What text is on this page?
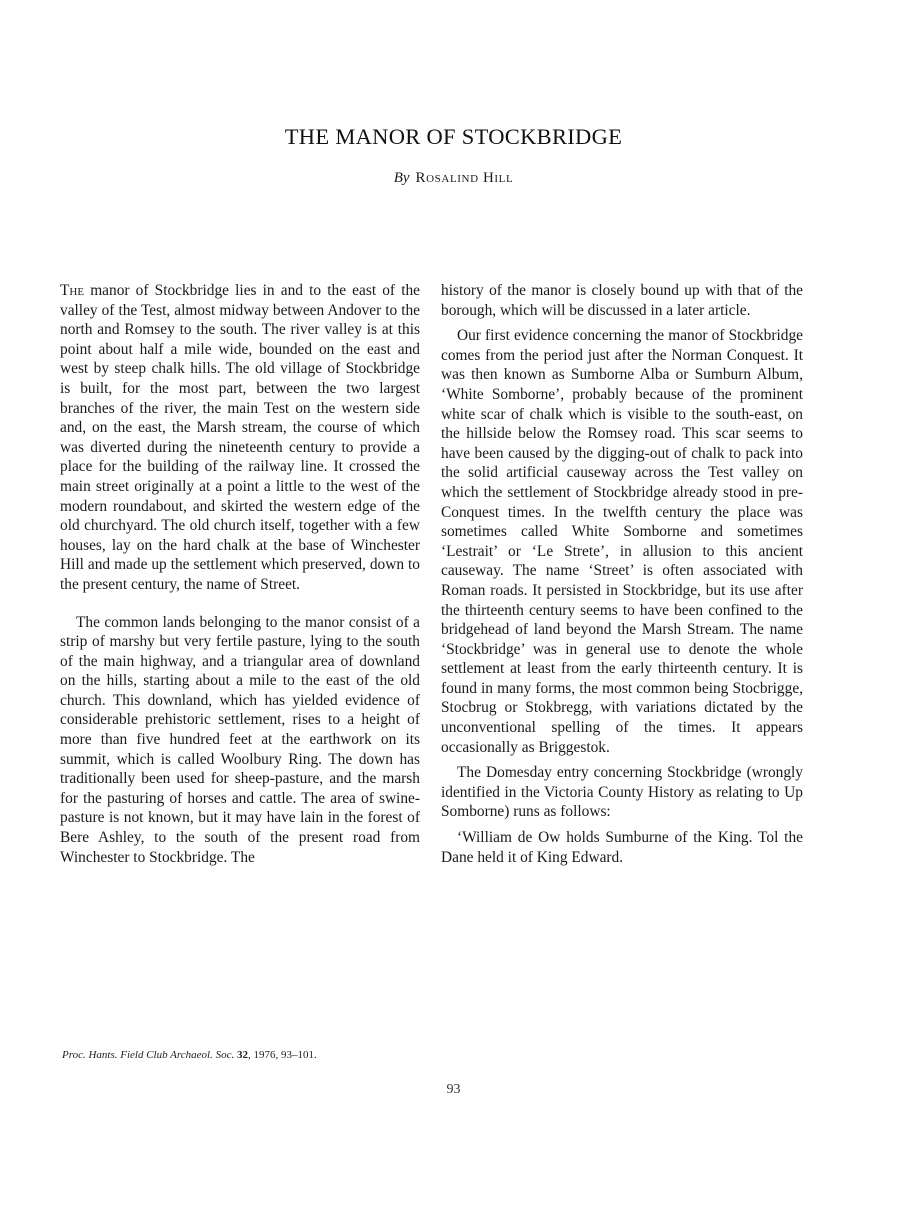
THE MANOR OF STOCKBRIDGE
By Rosalind Hill

The manor of Stockbridge lies in and to the east of the valley of the Test, almost midway between Andover to the north and Romsey to the south. The river valley is at this point about half a mile wide, bounded on the east and west by steep chalk hills. The old village of Stockbridge is built, for the most part, between the two largest branches of the river, the main Test on the western side and, on the east, the Marsh stream, the course of which was diverted during the nineteenth century to provide a place for the building of the railway line. It crossed the main street originally at a point a little to the west of the modern roundabout, and skirted the western edge of the old churchyard. The old church itself, together with a few houses, lay on the hard chalk at the base of Winchester Hill and made up the settlement which preserved, down to the present century, the name of Street.

The common lands belonging to the manor consist of a strip of marshy but very fertile pasture, lying to the south of the main highway, and a triangular area of downland on the hills, starting about a mile to the east of the old church. This downland, which has yielded evidence of considerable prehistoric settlement, rises to a height of more than five hundred feet at the earthwork on its summit, which is called Woolbury Ring. The down has traditionally been used for sheep-pasture, and the marsh for the pasturing of horses and cattle. The area of swine-pasture is not known, but it may have lain in the forest of Bere Ashley, to the south of the present road from Winchester to Stockbridge. The

history of the manor is closely bound up with that of the borough, which will be discussed in a later article.

Our first evidence concerning the manor of Stockbridge comes from the period just after the Norman Conquest. It was then known as Sumborne Alba or Sumburn Album, ‘White Somborne’, probably because of the prominent white scar of chalk which is visible to the south-east, on the hillside below the Romsey road. This scar seems to have been caused by the digging-out of chalk to pack into the solid artificial causeway across the Test valley on which the settlement of Stockbridge already stood in pre-Conquest times. In the twelfth century the place was sometimes called White Somborne and sometimes ‘Lestrait’ or ‘Le Strete’, in allusion to this ancient causeway. The name ‘Street’ is often associated with Roman roads. It persisted in Stockbridge, but its use after the thirteenth century seems to have been confined to the bridgehead of land beyond the Marsh Stream. The name ‘Stockbridge’ was in general use to denote the whole settlement at least from the early thirteenth century. It is found in many forms, the most common being Stocbrigge, Stocbrug or Stokbregg, with variations dictated by the unconventional spelling of the times. It appears occasionally as Briggestok.

The Domesday entry concerning Stockbridge (wrongly identified in the Victoria County History as relating to Up Somborne) runs as follows:

‘William de Ow holds Sumburne of the King. Tol the Dane held it of King Edward.

Proc. Hants. Field Club Archaeol. Soc. 32, 1976, 93–101.
93
